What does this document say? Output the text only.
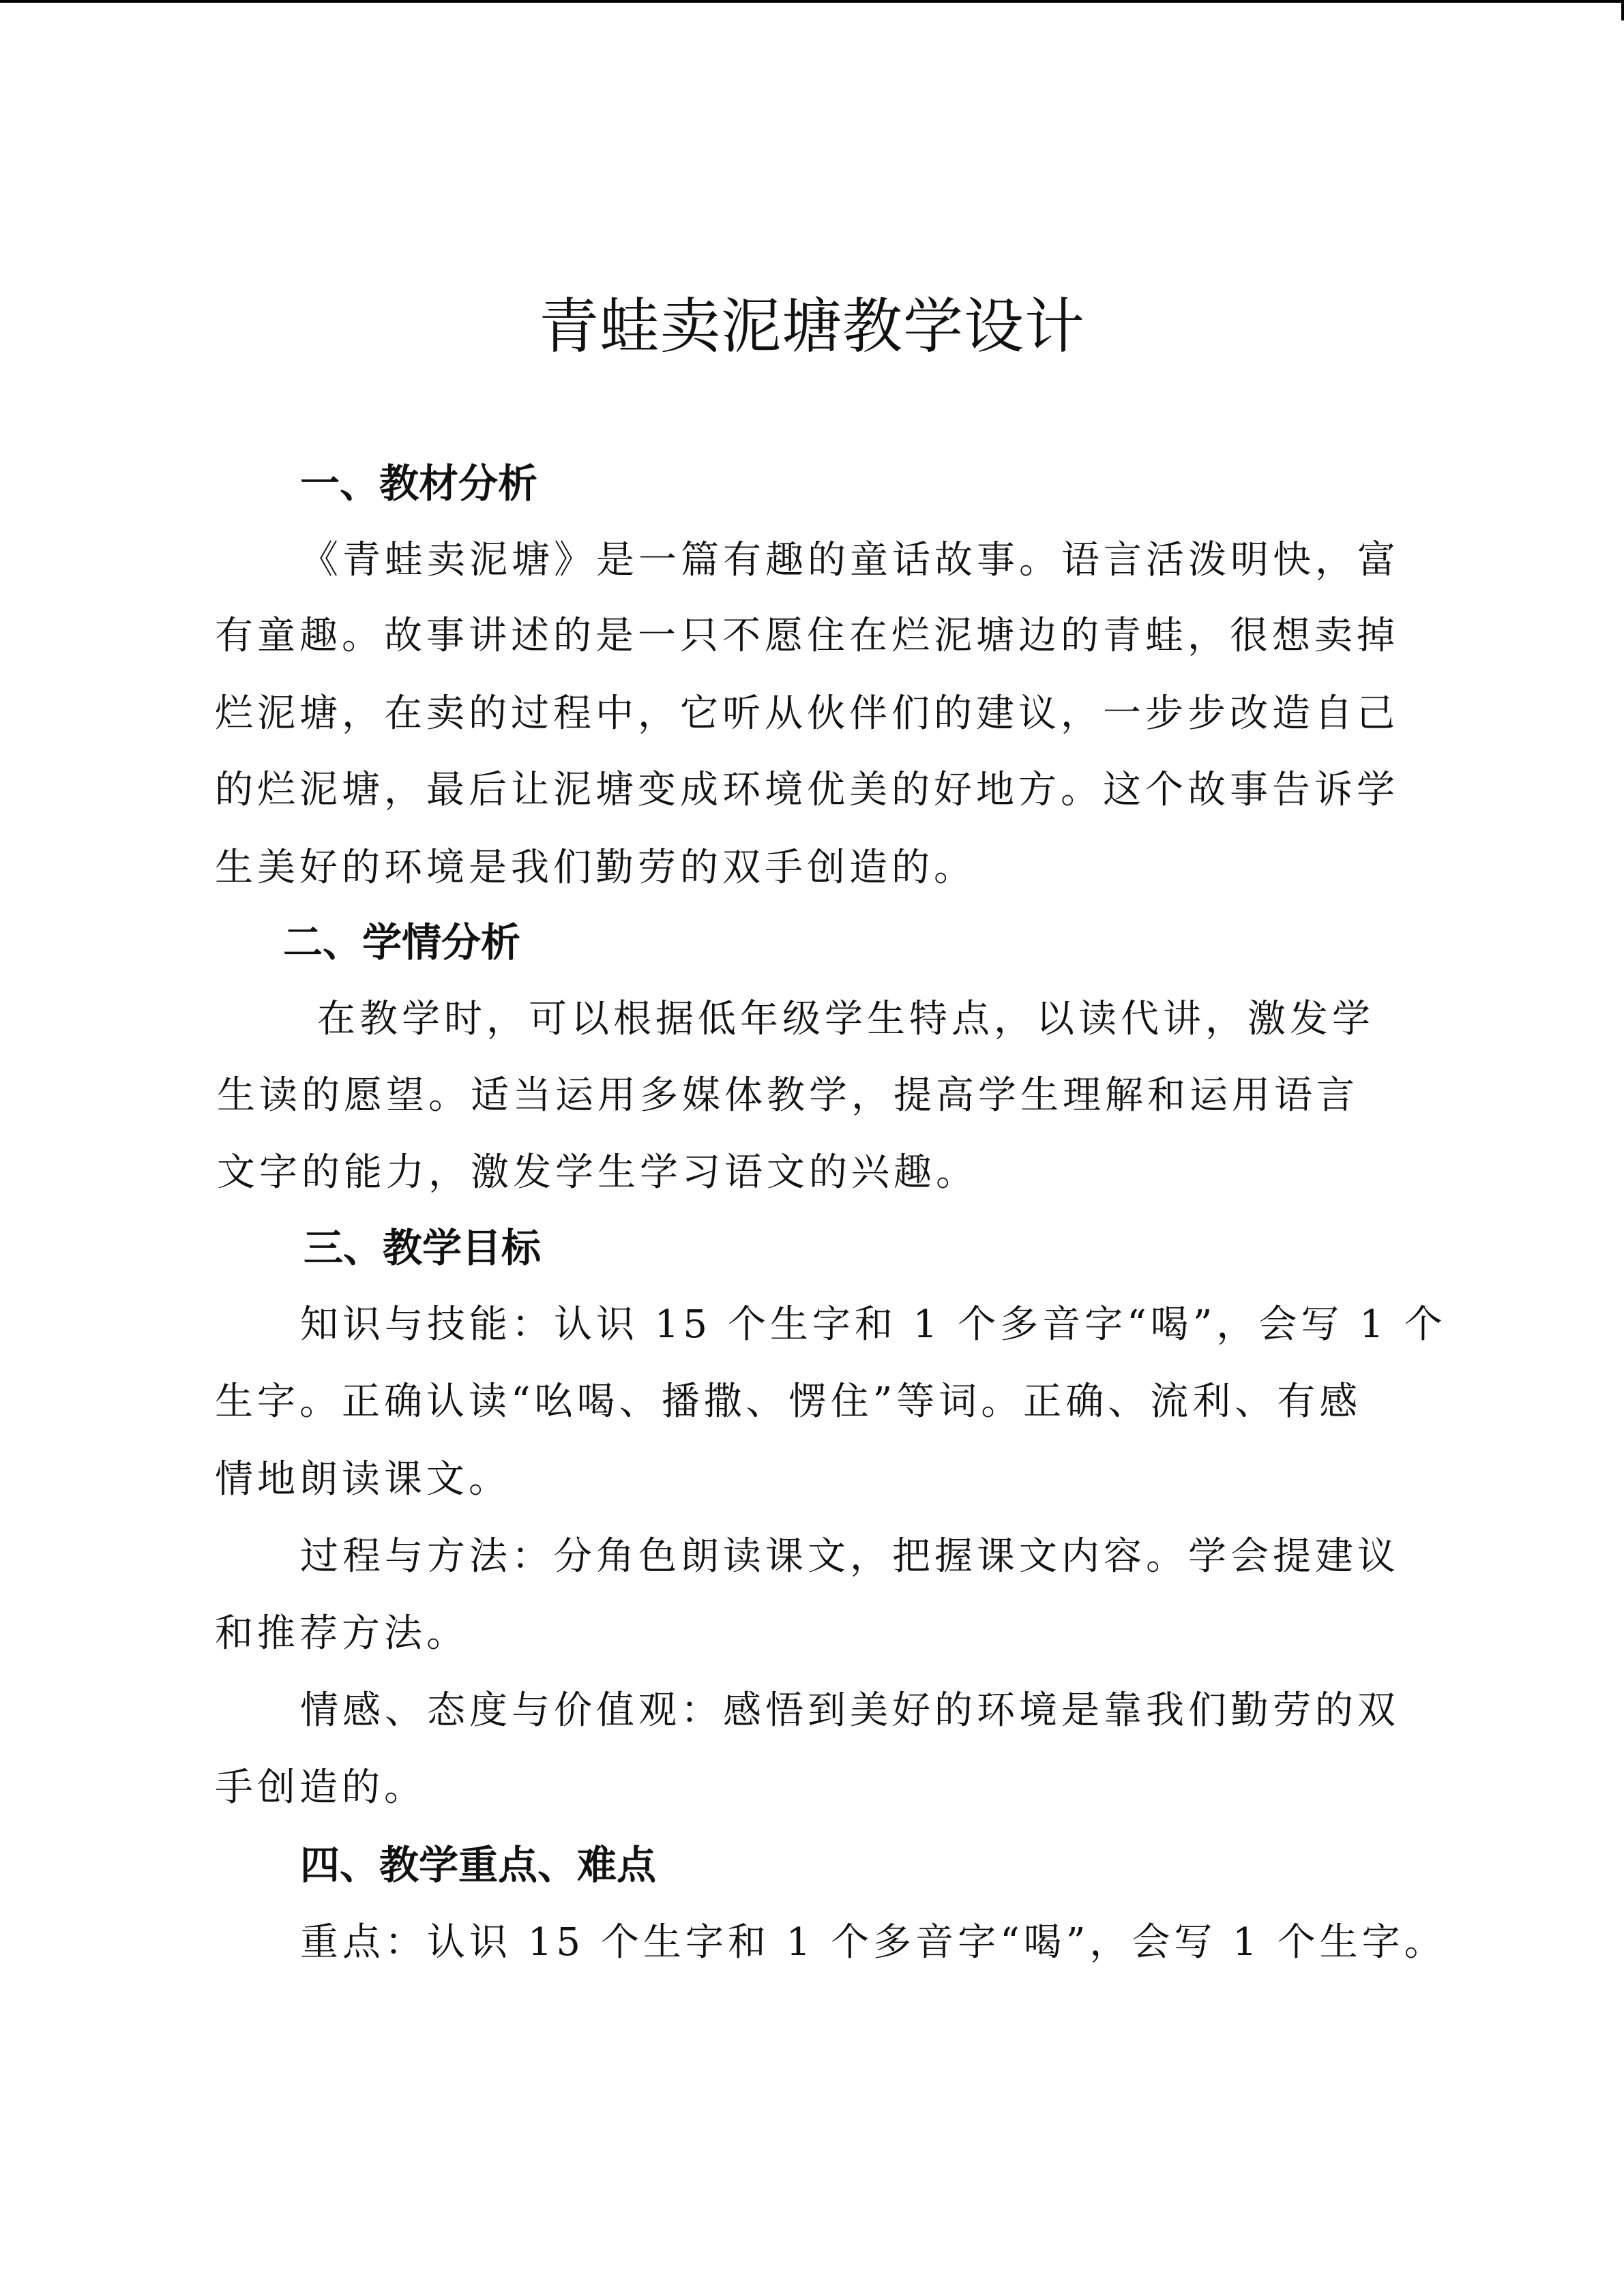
青蛙卖泥塘教学设计
一、教材分析

《青蛙卖泥塘》是一篇有趣的童话故事。语言活泼明快，富

有童趣。故事讲述的是一只不愿住在烂泥塘边的青蛙，很想卖掉

烂泥塘，在卖的过程中，它听从伙伴们的建议，一步步改造自己

的烂泥塘，最后让泥塘变成环境优美的好地方。这个故事告诉学

生美好的环境是我们勤劳的双手创造的。

二、学情分析

在教学时，可以根据低年级学生特点，以读代讲，激发学

生读的愿望。适当运用多媒体教学，提高学生理解和运用语言

文字的能力，激发学生学习语文的兴趣。

三、教学目标

知识与技能：认识 15 个生字和 1 个多音字“喝”，会写 1 个

生字。正确认读“吆喝、播撒、愣住”等词。正确、流利、有感

情地朗读课文。

过程与方法：分角色朗读课文，把握课文内容。学会提建议

和推荐方法。

情感、态度与价值观：感悟到美好的环境是靠我们勤劳的双

手创造的。

四、教学重点、难点

重点：认识 15 个生字和 1 个多音字“喝”，会写 1 个生字。
